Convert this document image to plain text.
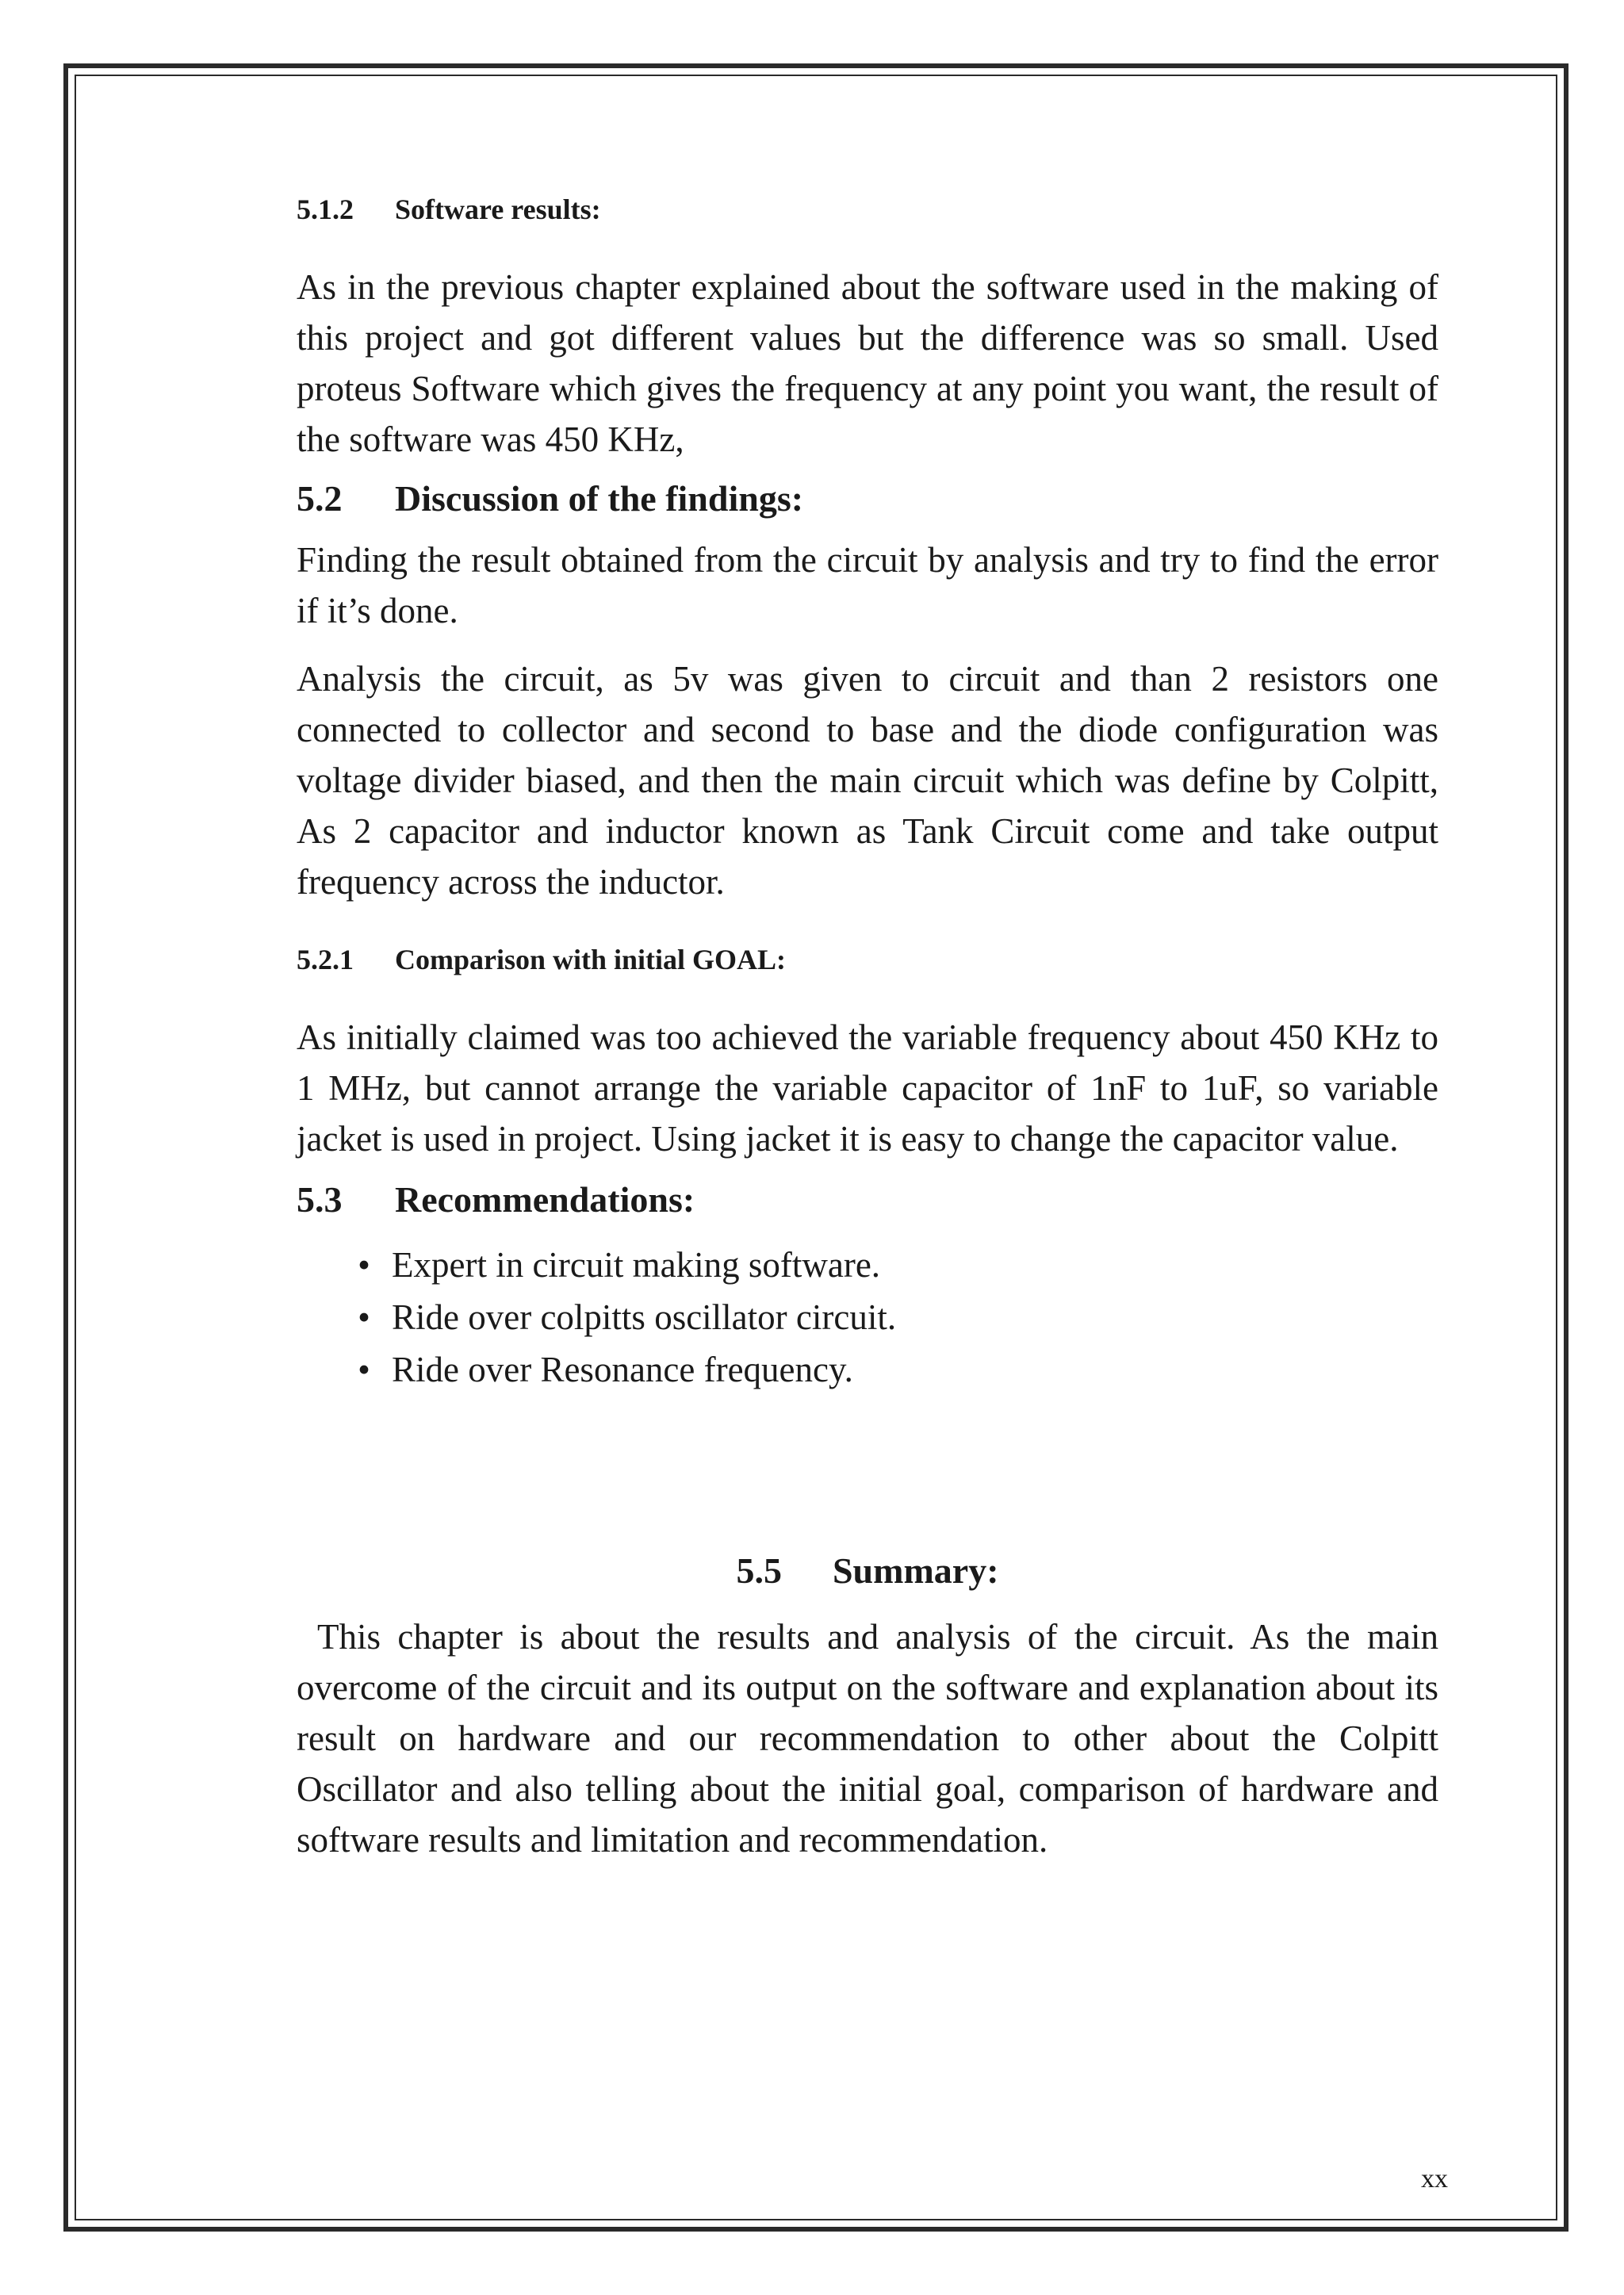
5.1.2	Software results:

As in the previous chapter explained about the software used in the making of this project and got different values but the difference was so small. Used proteus Software which gives the frequency at any point you want, the result of the software was 450 KHz,

5.2	Discussion of the findings:

Finding the result obtained from the circuit by analysis and try to find the error if it’s done.

Analysis the circuit, as 5v was given to circuit and than 2 resistors one connected to collector and second to base and the diode configuration was voltage divider biased, and then the main circuit which was define by Colpitt, As 2 capacitor and inductor known as Tank Circuit come and take output frequency across the inductor.

5.2.1	Comparison with initial GOAL:

As initially claimed was too achieved the variable frequency about 450 KHz to 1 MHz, but cannot arrange the variable capacitor of 1nF to 1uF, so variable jacket is used in project. Using jacket it is easy to change the capacitor value.

5.3	Recommendations:
• Expert in circuit making software.
• Ride over colpitts oscillator circuit.
• Ride over Resonance frequency.
5.5 Summary:

This chapter is about the results and analysis of the circuit. As the main overcome of the circuit and its output on the software and explanation about its result on hardware and our recommendation to other about the Colpitt Oscillator and also telling about the initial goal, comparison of hardware and software results and limitation and recommendation.

xx
